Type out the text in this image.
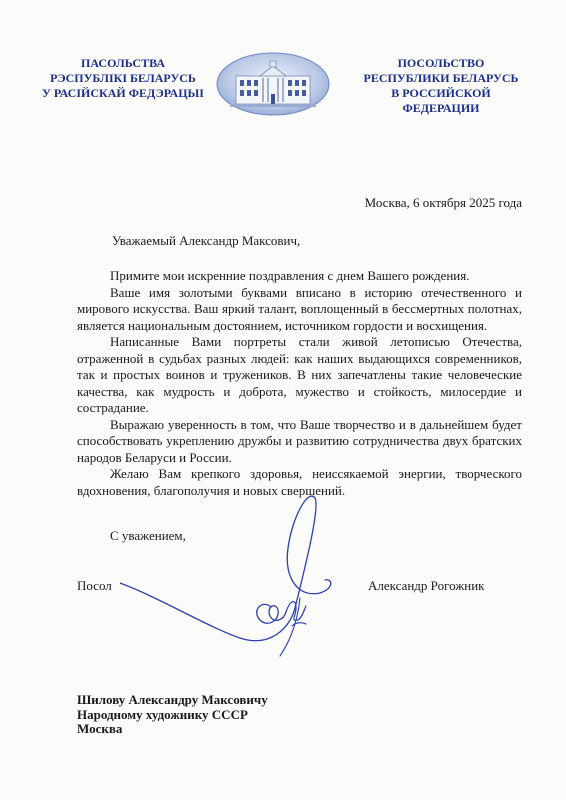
ПАСОЛЬСТВА
РЭСПУБЛIКI БЕЛАРУСЬ
У РАСIЙСКАЙ ФЕДЭРАЦЫI
ПОСОЛЬСТВО
РЕСПУБЛИКИ БЕЛАРУСЬ
В РОССИЙСКОЙ ФЕДЕРАЦИИ
Москва, 6 октября 2025 года
Уважаемый Александр Максович,

Примите мои искренние поздравления с днем Вашего рождения.

Ваше имя золотыми буквами вписано в историю отечественного и мирового искусства. Ваш яркий талант, воплощенный в бессмертных полотнах, является национальным достоянием, источником гордости и восхищения.

Написанные Вами портреты стали живой летописью Отечества, отраженной в судьбах разных людей: как наших выдающихся современников, так и простых воинов и тружеников. В них запечатлены такие человеческие качества, как мудрость и доброта, мужество и стойкость, милосердие и сострадание.

Выражаю уверенность в том, что Ваше творчество и в дальнейшем будет способствовать укреплению дружбы и развитию сотрудничества двух братских народов Беларуси и России.

Желаю Вам крепкого здоровья, неиссякаемой энергии, творческого вдохновения, благополучия и новых свершений.

С уважением,
Посол	Александр Рогожник
Шилову Александру Максовичу
Народному художнику СССР
Москва
